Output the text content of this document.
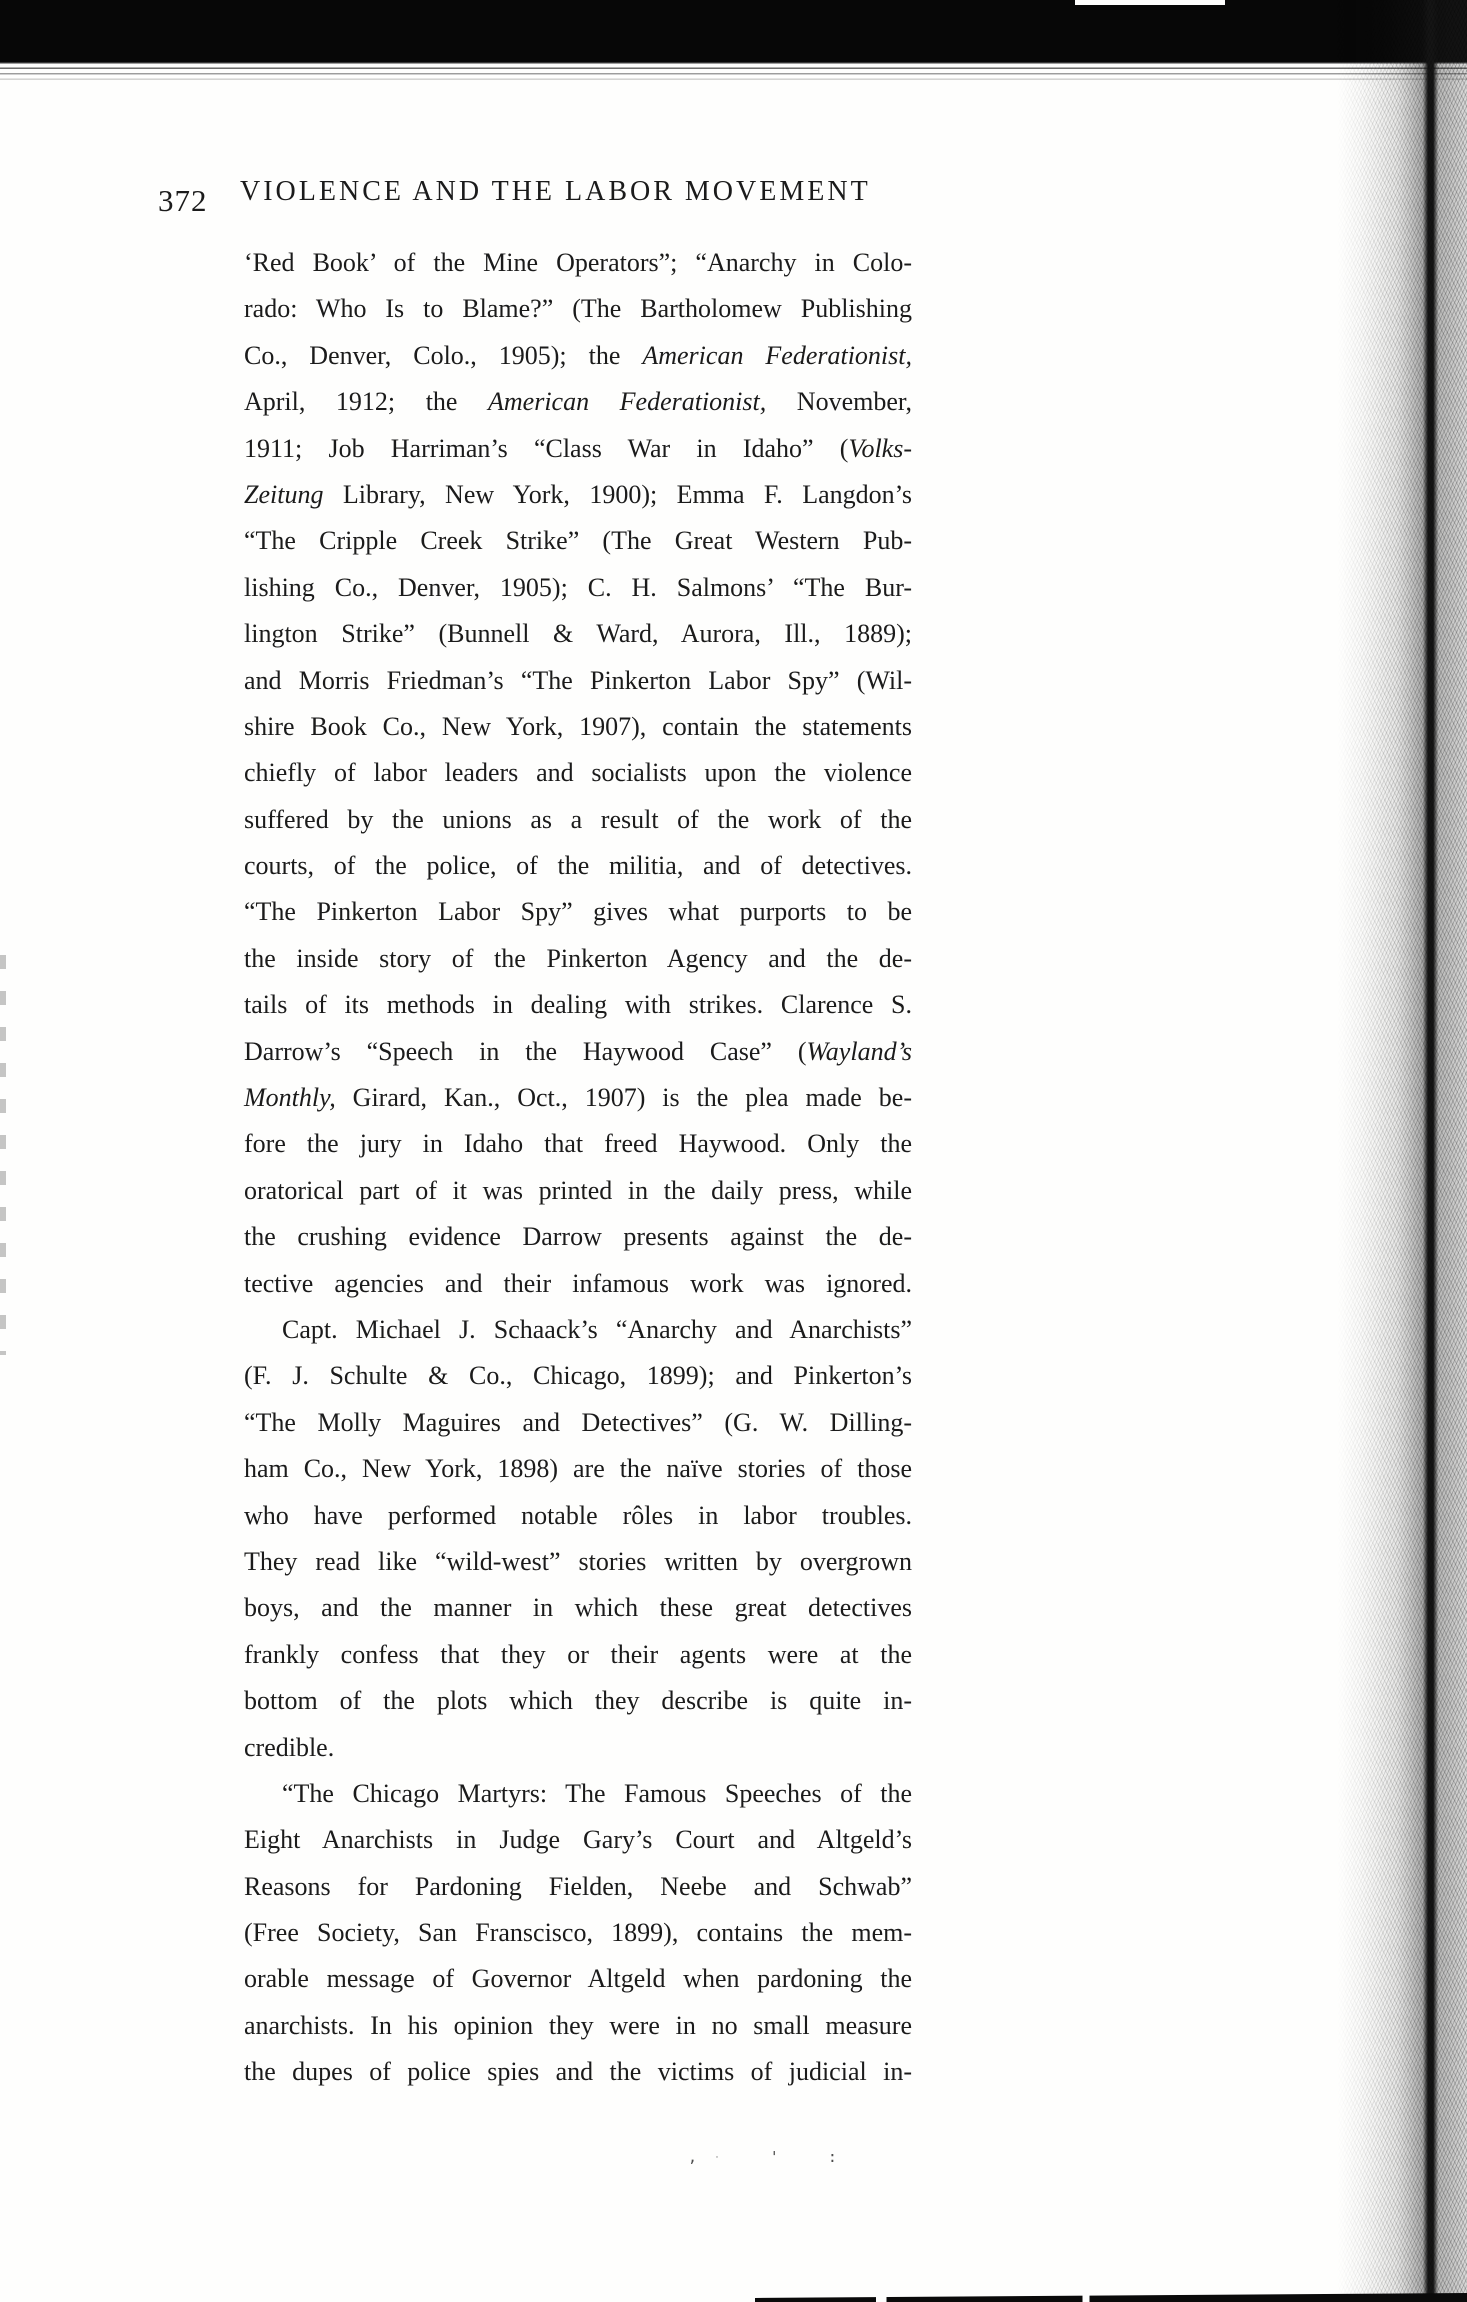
372 VIOLENCE AND THE LABOR MOVEMENT
‘Red Book’ of the Mine Operators”; “Anarchy in Colo-
rado: Who Is to Blame?” (The Bartholomew Publishing
Co., Denver, Colo., 1905); the American Federationist,
April, 1912; the American Federationist, November,
1911; Job Harriman’s “Class War in Idaho” (Volks-
Zeitung Library, New York, 1900); Emma F. Langdon’s
“The Cripple Creek Strike” (The Great Western Pub-
lishing Co., Denver, 1905); C. H. Salmons’ “The Bur-
lington Strike” (Bunnell & Ward, Aurora, Ill., 1889);
and Morris Friedman’s “The Pinkerton Labor Spy” (Wil-
shire Book Co., New York, 1907), contain the statements
chiefly of labor leaders and socialists upon the violence
suffered by the unions as a result of the work of the
courts, of the police, of the militia, and of detectives.
“The Pinkerton Labor Spy” gives what purports to be
the inside story of the Pinkerton Agency and the de-
tails of its methods in dealing with strikes. Clarence S.
Darrow’s “Speech in the Haywood Case” (Wayland’s
Monthly, Girard, Kan., Oct., 1907) is the plea made be-
fore the jury in Idaho that freed Haywood. Only the
oratorical part of it was printed in the daily press, while
the crushing evidence Darrow presents against the de-
tective agencies and their infamous work was ignored.
Capt. Michael J. Schaack’s “Anarchy and Anarchists”
(F. J. Schulte & Co., Chicago, 1899); and Pinkerton’s
“The Molly Maguires and Detectives” (G. W. Dilling-
ham Co., New York, 1898) are the naïve stories of those
who have performed notable rôles in labor troubles.
They read like “wild-west” stories written by overgrown
boys, and the manner in which these great detectives
frankly confess that they or their agents were at the
bottom of the plots which they describe is quite in-
credible.
“The Chicago Martyrs: The Famous Speeches of the
Eight Anarchists in Judge Gary’s Court and Altgeld’s
Reasons for Pardoning Fielden, Neebe and Schwab”
(Free Society, San Franscisco, 1899), contains the mem-
orable message of Governor Altgeld when pardoning the
anarchists. In his opinion they were in no small measure
the dupes of police spies and the victims of judicial in-
, ּ ' :
